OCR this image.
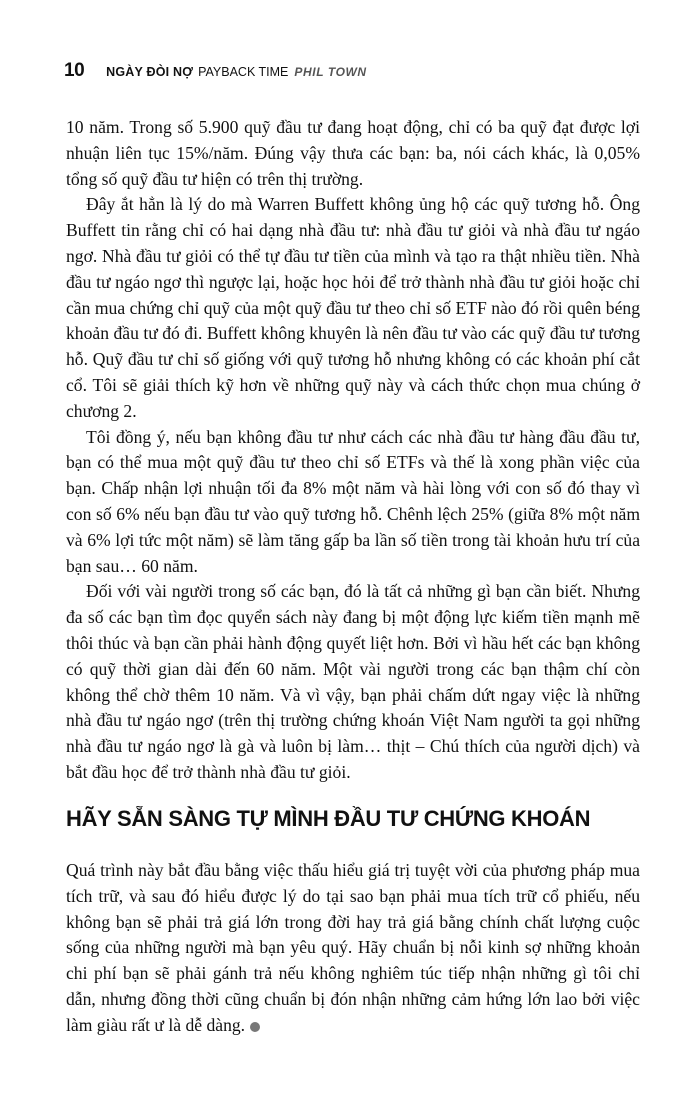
10 NGÀY ĐÒI NỢ PAYBACK TIME PHIL TOWN

10 năm. Trong số 5.900 quỹ đầu tư đang hoạt động, chỉ có ba quỹ đạt được lợi nhuận liên tục 15%/năm. Đúng vậy thưa các bạn: ba, nói cách khác, là 0,05% tổng số quỹ đầu tư hiện có trên thị trường.

Đây ắt hẳn là lý do mà Warren Buffett không ủng hộ các quỹ tương hỗ. Ông Buffett tin rằng chỉ có hai dạng nhà đầu tư: nhà đầu tư giỏi và nhà đầu tư ngáo ngơ. Nhà đầu tư giỏi có thể tự đầu tư tiền của mình và tạo ra thật nhiều tiền. Nhà đầu tư ngáo ngơ thì ngược lại, hoặc học hỏi để trở thành nhà đầu tư giỏi hoặc chỉ cần mua chứng chỉ quỹ của một quỹ đầu tư theo chỉ số ETF nào đó rồi quên béng khoản đầu tư đó đi. Buffett không khuyên là nên đầu tư vào các quỹ đầu tư tương hỗ. Quỹ đầu tư chỉ số giống với quỹ tương hỗ nhưng không có các khoản phí cắt cổ. Tôi sẽ giải thích kỹ hơn về những quỹ này và cách thức chọn mua chúng ở chương 2.

Tôi đồng ý, nếu bạn không đầu tư như cách các nhà đầu tư hàng đầu đầu tư, bạn có thể mua một quỹ đầu tư theo chỉ số ETFs và thế là xong phần việc của bạn. Chấp nhận lợi nhuận tối đa 8% một năm và hài lòng với con số đó thay vì con số 6% nếu bạn đầu tư vào quỹ tương hỗ. Chênh lệch 25% (giữa 8% một năm và 6% lợi tức một năm) sẽ làm tăng gấp ba lần số tiền trong tài khoản hưu trí của bạn sau… 60 năm.

Đối với vài người trong số các bạn, đó là tất cả những gì bạn cần biết. Nhưng đa số các bạn tìm đọc quyển sách này đang bị một động lực kiếm tiền mạnh mẽ thôi thúc và bạn cần phải hành động quyết liệt hơn. Bởi vì hầu hết các bạn không có quỹ thời gian dài đến 60 năm. Một vài người trong các bạn thậm chí còn không thể chờ thêm 10 năm. Và vì vậy, bạn phải chấm dứt ngay việc là những nhà đầu tư ngáo ngơ (trên thị trường chứng khoán Việt Nam người ta gọi những nhà đầu tư ngáo ngơ là gà và luôn bị làm… thịt – Chú thích của người dịch) và bắt đầu học để trở thành nhà đầu tư giỏi.

HÃY SẴN SÀNG TỰ MÌNH ĐẦU TƯ CHỨNG KHOÁN

Quá trình này bắt đầu bằng việc thấu hiểu giá trị tuyệt vời của phương pháp mua tích trữ, và sau đó hiểu được lý do tại sao bạn phải mua tích trữ cổ phiếu, nếu không bạn sẽ phải trả giá lớn trong đời hay trả giá bằng chính chất lượng cuộc sống của những người mà bạn yêu quý. Hãy chuẩn bị nỗi kinh sợ những khoản chi phí bạn sẽ phải gánh trả nếu không nghiêm túc tiếp nhận những gì tôi chỉ dẫn, nhưng đồng thời cũng chuẩn bị đón nhận những cảm hứng lớn lao bởi việc làm giàu rất ư là dễ dàng.
